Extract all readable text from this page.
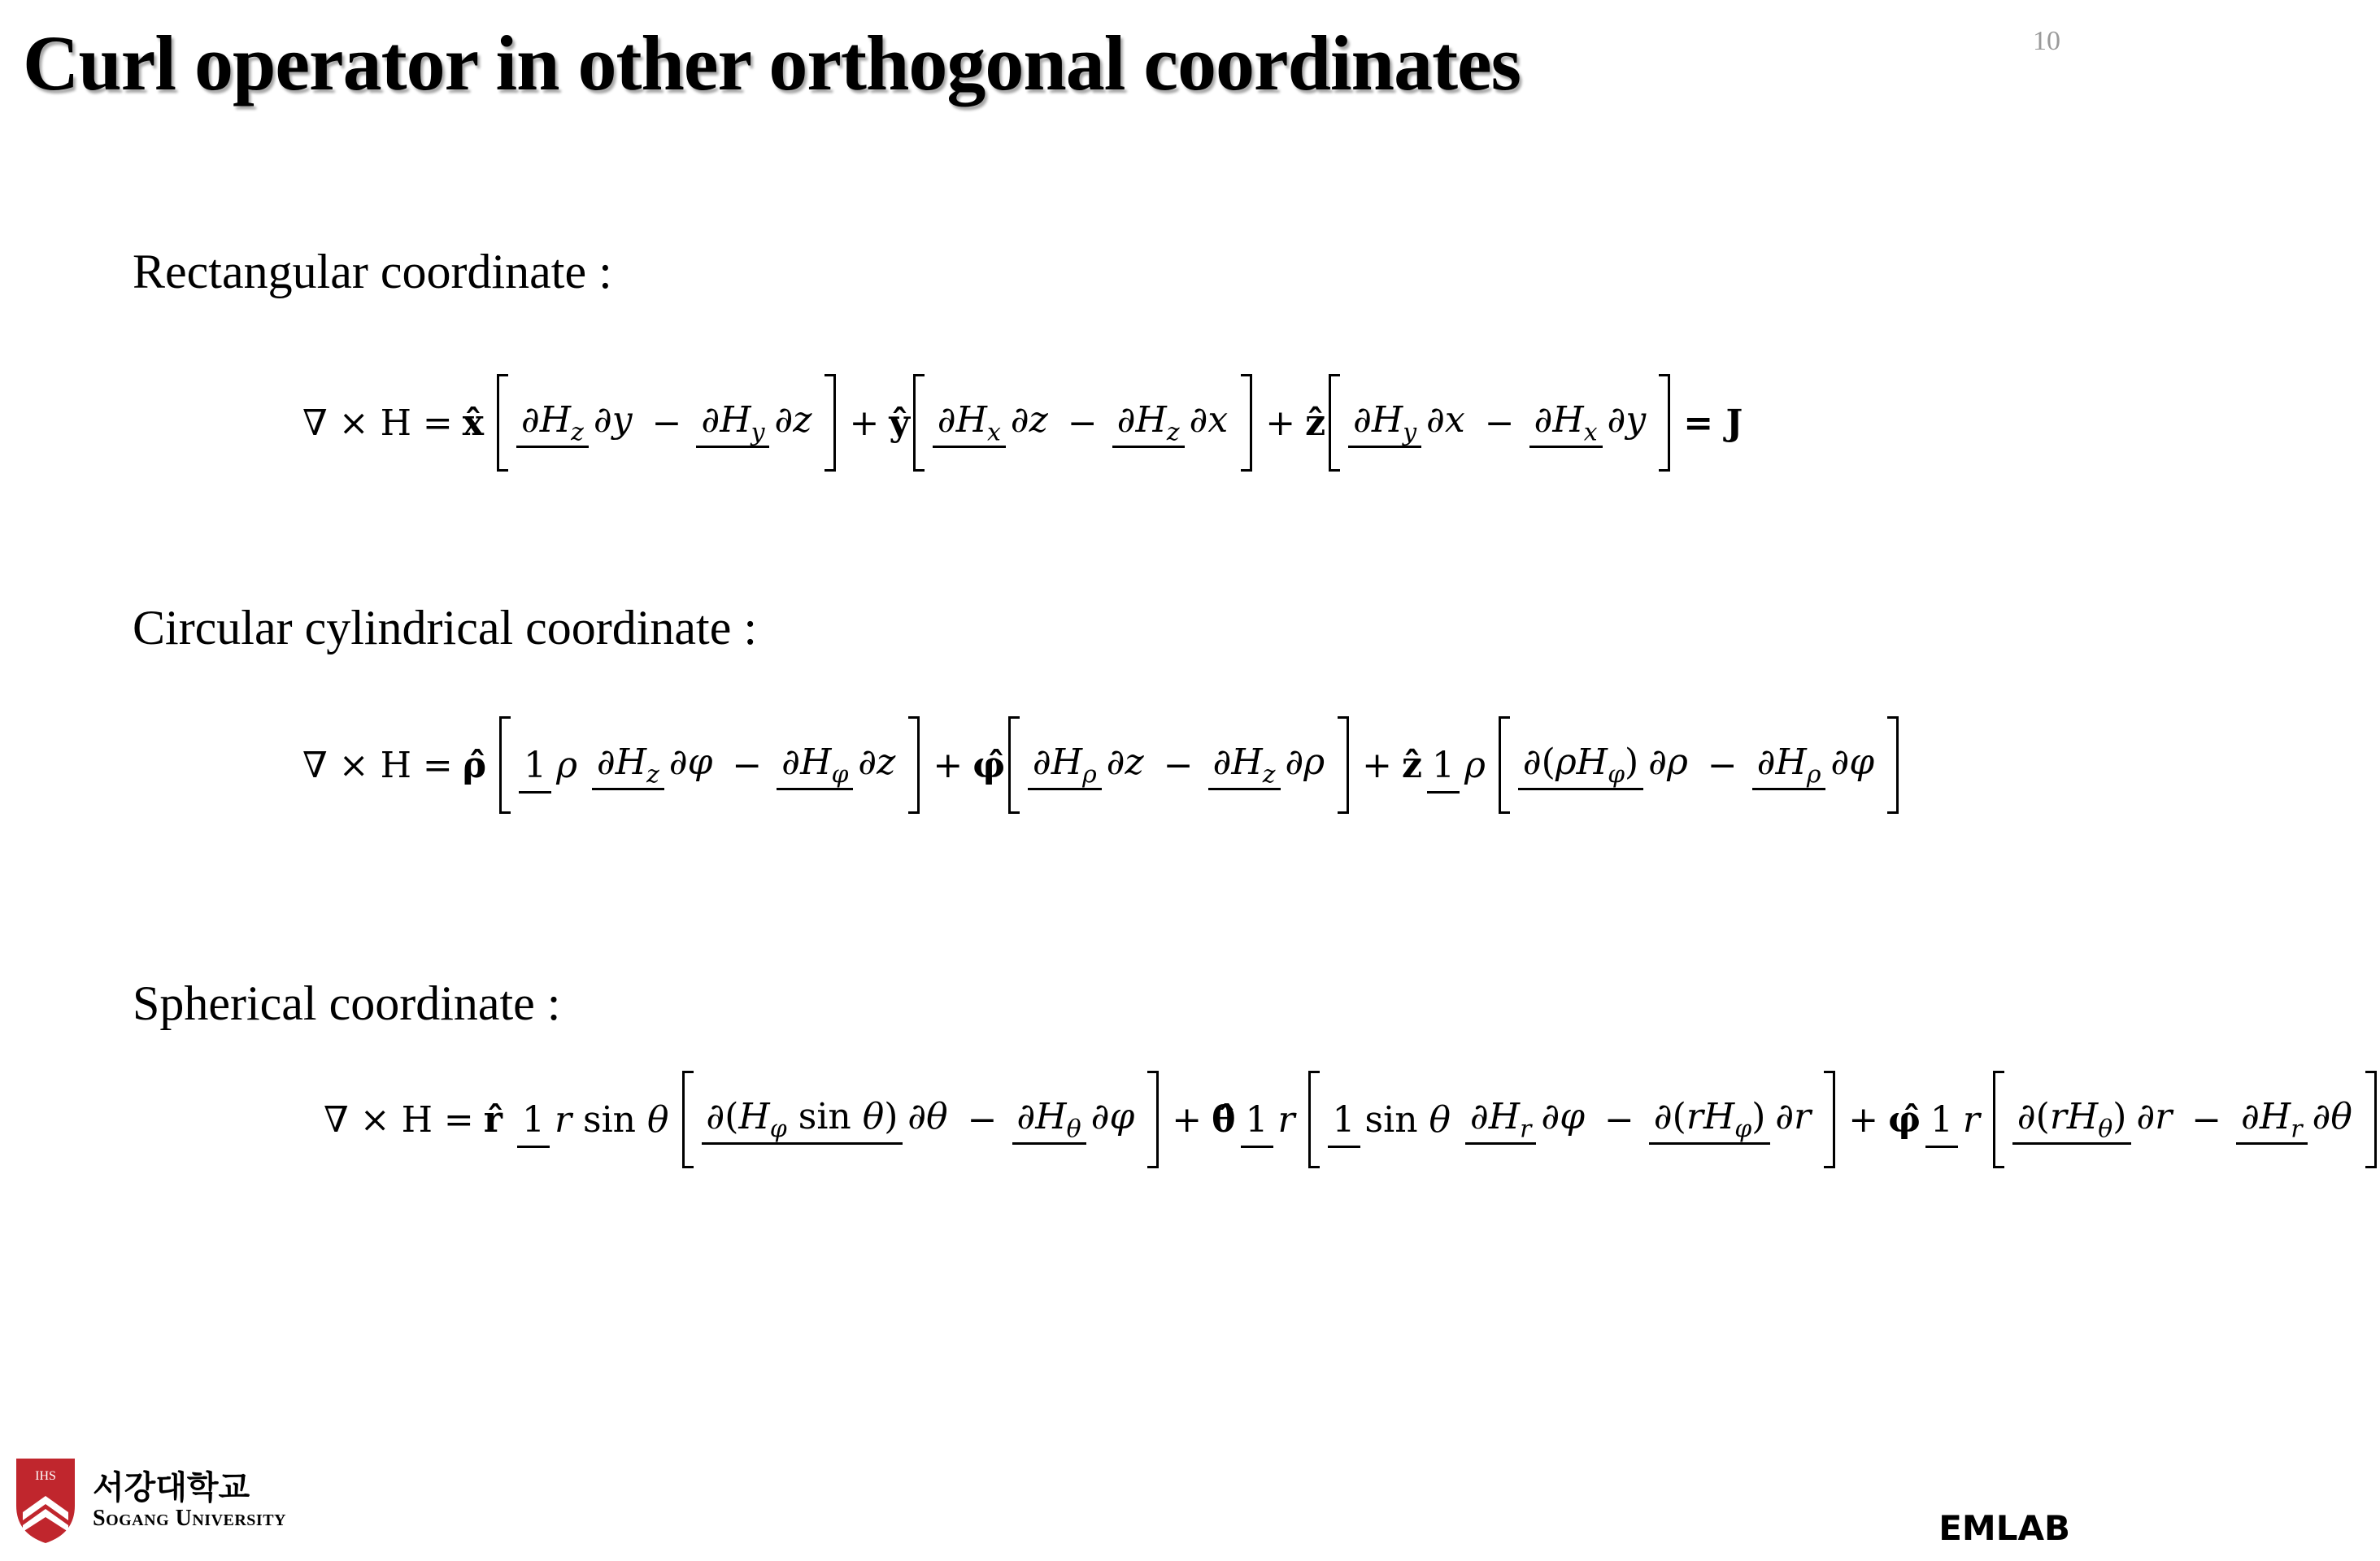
Curl operator in other orthogonal coordinates	10
Rectangular coordinate :
∇ × H = x̂ $\partial H_z$ $\partial y - \partial H_y$ ∂z + ŷ $\partial H_x$ $\partial z - \partial H_z$ ∂x + ẑ $\partial H_y$ $\partial x - \partial H_x$ ∂y = J
Circular cylindrical coordinate :
∇ × H = ρ̂ 1 ρ $\partial H_z$ $\partial\varphi - \partial H_\varphi$ ∂z + φ̂ $\partial H_\rho$ $\partial z - \partial H_z$ ∂ρ + ẑ 1 ρ $\partial(\rho H_\varphi) \partial\rho - \partial H_\rho$ ∂φ
Spherical coordinate :
∇ × H = r̂ 1 r sin θ $\partial(H_\varphi$ sin θ) $\partial\theta - \partial H_\theta$ ∂φ + θ̂ 1 r 1 sin θ $\partial H_r$ $\partial\varphi - \partial(rH_\varphi) \partial r$ + φ̂ 1 r $\partial(rH_\theta) \partial r - \partial H_r$ ∂θ
IHS 서강대학교
Sogang University	EMLAB
